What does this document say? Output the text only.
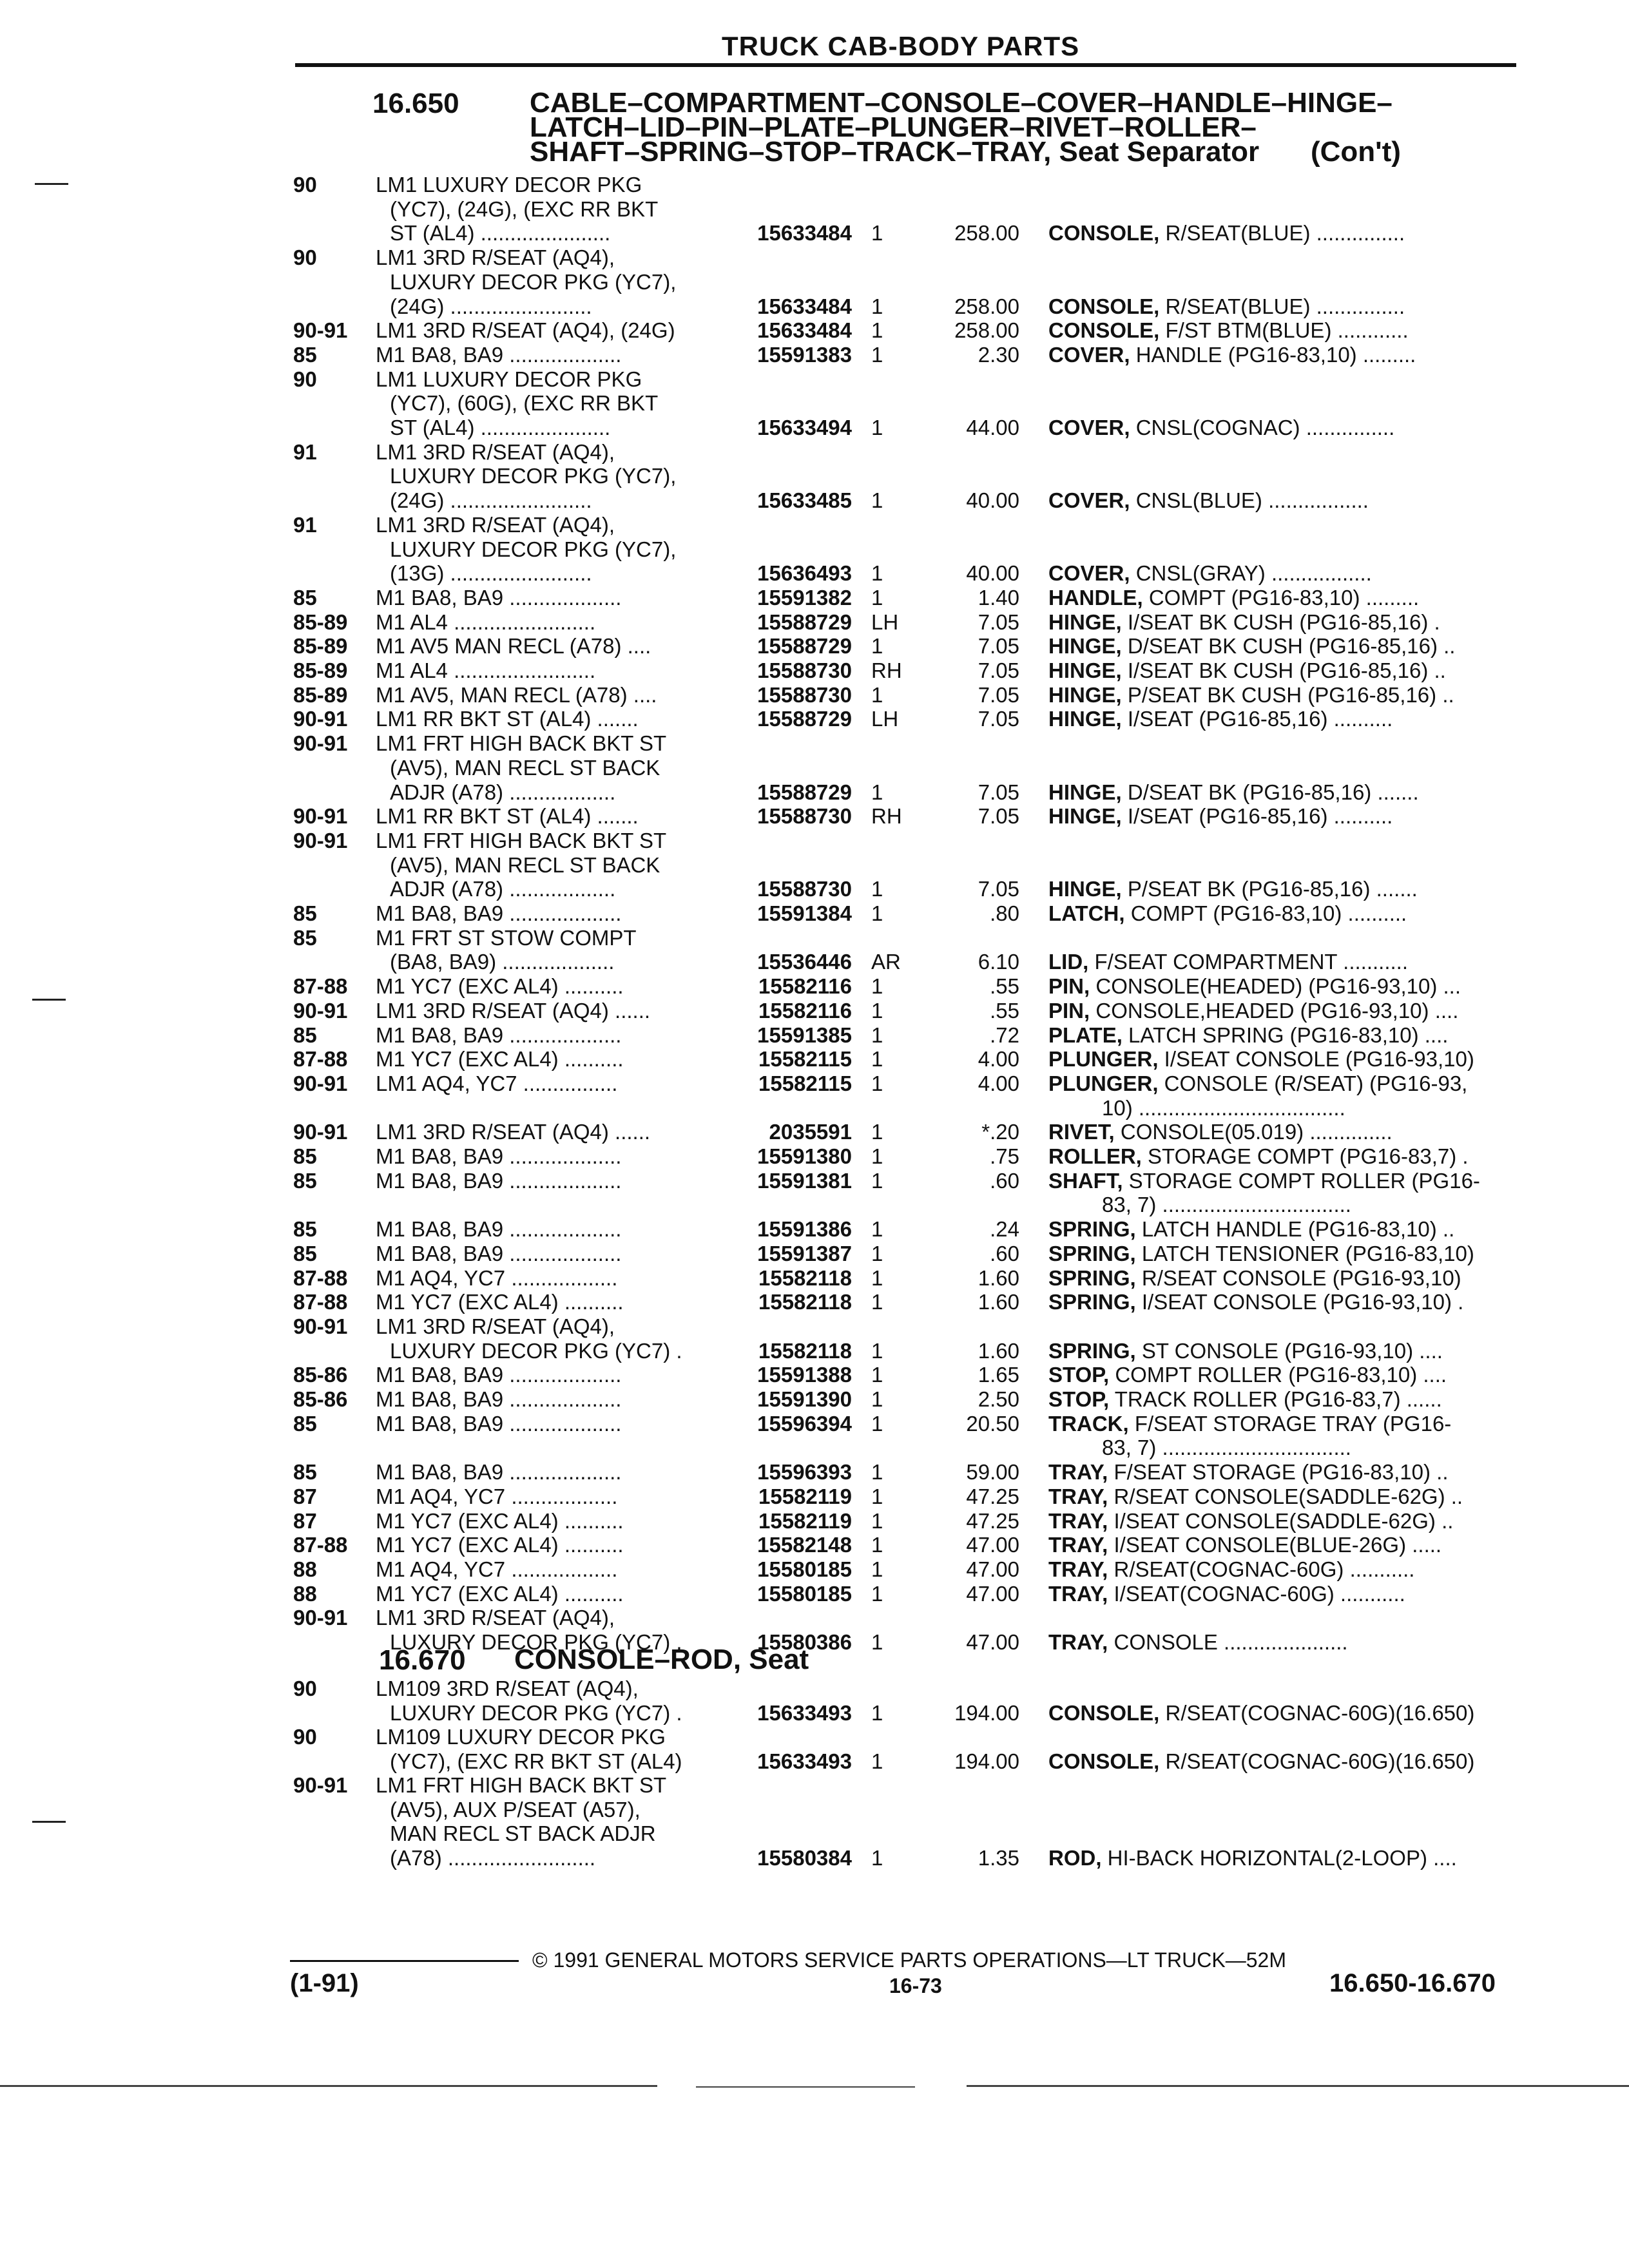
TRUCK CAB-BODY PARTS
16.650 CABLE–COMPARTMENT–CONSOLE–COVER–HANDLE–HINGE–
LATCH–LID–PIN–PLATE–PLUNGER–RIVET–ROLLER–
SHAFT–SPRING–STOP–TRACK–TRAY, Seat Separator (Con't)
90	LM1 LUXURY DECOR PKG
(YC7), (24G), (EXC RR BKT
ST (AL4) ......................	15633484 1	258.00 CONSOLE, R/SEAT(BLUE) ...............
90	LM1 3RD R/SEAT (AQ4),
LUXURY DECOR PKG (YC7),
(24G) ........................	15633484 1	258.00 CONSOLE, R/SEAT(BLUE) ...............
90-91 LM1 3RD R/SEAT (AQ4), (24G)	15633484 1	258.00 CONSOLE, F/ST BTM(BLUE) ............
85	M1 BA8, BA9 ...................	15591383 1	2.30 COVER, HANDLE (PG16-83,10) .........
90	LM1 LUXURY DECOR PKG
(YC7), (60G), (EXC RR BKT
ST (AL4) ......................	15633494 1	44.00 COVER, CNSL(COGNAC) ...............
91	LM1 3RD R/SEAT (AQ4),
LUXURY DECOR PKG (YC7),
(24G) ........................	15633485 1	40.00 COVER, CNSL(BLUE) .................
91	LM1 3RD R/SEAT (AQ4),
LUXURY DECOR PKG (YC7),
(13G) ........................	15636493 1	40.00 COVER, CNSL(GRAY) .................
85	M1 BA8, BA9 ...................	15591382 1	1.40 HANDLE, COMPT (PG16-83,10) .........
85-89 M1 AL4 ........................	15588729 LH	7.05 HINGE, I/SEAT BK CUSH (PG16-85,16) .
85-89 M1 AV5 MAN RECL (A78) ....	15588729 1	7.05 HINGE, D/SEAT BK CUSH (PG16-85,16) ..
85-89 M1 AL4 ........................	15588730 RH	7.05 HINGE, I/SEAT BK CUSH (PG16-85,16) ..
85-89 M1 AV5, MAN RECL (A78) ....	15588730 1	7.05 HINGE, P/SEAT BK CUSH (PG16-85,16) ..
90-91 LM1 RR BKT ST (AL4) .......	15588729 LH	7.05 HINGE, I/SEAT (PG16-85,16) ..........
90-91 LM1 FRT HIGH BACK BKT ST
(AV5), MAN RECL ST BACK
ADJR (A78) ..................	15588729 1	7.05 HINGE, D/SEAT BK (PG16-85,16) .......
90-91 LM1 RR BKT ST (AL4) .......	15588730 RH	7.05 HINGE, I/SEAT (PG16-85,16) ..........
90-91 LM1 FRT HIGH BACK BKT ST
(AV5), MAN RECL ST BACK
ADJR (A78) ..................	15588730 1	7.05 HINGE, P/SEAT BK (PG16-85,16) .......
85	M1 BA8, BA9 ...................	15591384 1	.80 LATCH, COMPT (PG16-83,10) ..........
85	M1 FRT ST STOW COMPT
(BA8, BA9) ...................	15536446 AR	6.10 LID, F/SEAT COMPARTMENT ...........
87-88 M1 YC7 (EXC AL4) ..........	15582116 1	.55 PIN, CONSOLE(HEADED) (PG16-93,10) ...
90-91 LM1 3RD R/SEAT (AQ4) ......	15582116 1	.55 PIN, CONSOLE,HEADED (PG16-93,10) ....
85	M1 BA8, BA9 ...................	15591385 1	.72 PLATE, LATCH SPRING (PG16-83,10) ....
87-88 M1 YC7 (EXC AL4) ..........	15582115 1	4.00 PLUNGER, I/SEAT CONSOLE (PG16-93,10)
90-91 LM1 AQ4, YC7 ................	15582115 1	4.00 PLUNGER, CONSOLE (R/SEAT) (PG16-93,
10) ...................................
90-91 LM1 3RD R/SEAT (AQ4) ......	2035591 1	*.20 RIVET, CONSOLE(05.019) ..............
85	M1 BA8, BA9 ...................	15591380 1	.75 ROLLER, STORAGE COMPT (PG16-83,7) .
85	M1 BA8, BA9 ...................	15591381 1	.60 SHAFT, STORAGE COMPT ROLLER (PG16-
83, 7) ................................
85	M1 BA8, BA9 ...................	15591386 1	.24 SPRING, LATCH HANDLE (PG16-83,10) ..
85	M1 BA8, BA9 ...................	15591387 1	.60 SPRING, LATCH TENSIONER (PG16-83,10)
87-88 M1 AQ4, YC7 ..................	15582118 1	1.60 SPRING, R/SEAT CONSOLE (PG16-93,10)
87-88 M1 YC7 (EXC AL4) ..........	15582118 1	1.60 SPRING, I/SEAT CONSOLE (PG16-93,10) .
90-91 LM1 3RD R/SEAT (AQ4),
LUXURY DECOR PKG (YC7) .	15582118 1	1.60 SPRING, ST CONSOLE (PG16-93,10) ....
85-86 M1 BA8, BA9 ...................	15591388 1	1.65 STOP, COMPT ROLLER (PG16-83,10) ....
85-86 M1 BA8, BA9 ...................	15591390 1	2.50 STOP, TRACK ROLLER (PG16-83,7) ......
85	M1 BA8, BA9 ...................	15596394 1	20.50 TRACK, F/SEAT STORAGE TRAY (PG16-
83, 7) ................................
85	M1 BA8, BA9 ...................	15596393 1	59.00 TRAY, F/SEAT STORAGE (PG16-83,10) ..
87	M1 AQ4, YC7 ..................	15582119 1	47.25 TRAY, R/SEAT CONSOLE(SADDLE-62G) ..
87	M1 YC7 (EXC AL4) ..........	15582119 1	47.25 TRAY, I/SEAT CONSOLE(SADDLE-62G) ..
87-88 M1 YC7 (EXC AL4) ..........	15582148 1	47.00 TRAY, I/SEAT CONSOLE(BLUE-26G) .....
88	M1 AQ4, YC7 ..................	15580185 1	47.00 TRAY, R/SEAT(COGNAC-60G) ...........
88	M1 YC7 (EXC AL4) ..........	15580185 1	47.00 TRAY, I/SEAT(COGNAC-60G) ...........
90-91 LM1 3RD R/SEAT (AQ4),
LUXURY DECOR PKG (YC7) .	15580386 1	47.00 TRAY, CONSOLE .....................
16.670 CONSOLE–ROD, Seat
90	LM109 3RD R/SEAT (AQ4),
LUXURY DECOR PKG (YC7) .	15633493 1	194.00 CONSOLE, R/SEAT(COGNAC-60G)(16.650)
90	LM109 LUXURY DECOR PKG
(YC7), (EXC RR BKT ST (AL4)	15633493 1	194.00 CONSOLE, R/SEAT(COGNAC-60G)(16.650)
90-91 LM1 FRT HIGH BACK BKT ST
(AV5), AUX P/SEAT (A57),
MAN RECL ST BACK ADJR
(A78) .........................	15580384 1	1.35 ROD, HI-BACK HORIZONTAL(2-LOOP) ....
© 1991 GENERAL MOTORS SERVICE PARTS OPERATIONS—LT TRUCK—52M
(1-91)	16-73	16.650-16.670
